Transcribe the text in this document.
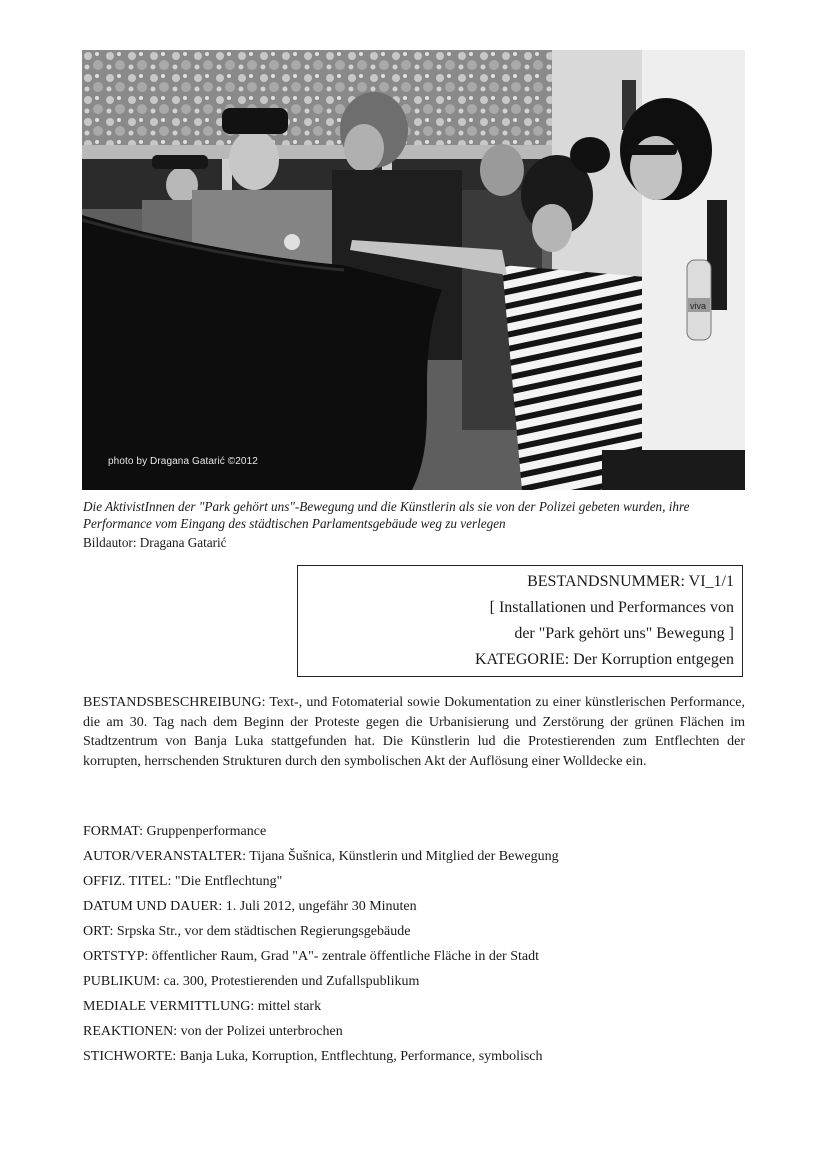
viva
photo by Dragana Gatarić ©2012
Die AktivistInnen der "Park gehört uns"-Bewegung und die Künstlerin als sie von der Polizei gebeten wurden, ihre Performance vom Eingang des städtischen Parlamentsgebäude weg zu verlegen
Bildautor: Dragana Gatarić
BESTANDSNUMMER: VI_1/1
[ Installationen und Performances von
der "Park gehört uns" Bewegung ]
KATEGORIE: Der Korruption entgegen
BESTANDSBESCHREIBUNG: Text-, und Fotomaterial sowie Dokumentation zu einer künstlerischen Performance, die am 30. Tag nach dem Beginn der Proteste gegen die Urbanisierung und Zerstörung der grünen Flächen im Stadtzentrum von Banja Luka stattgefunden hat. Die Künstlerin lud die Protestierenden zum Entflechten der korrupten, herrschenden Strukturen durch den symbolischen Akt der Auflösung einer Wolldecke ein.
FORMAT: Gruppenperformance
AUTOR/VERANSTALTER: Tijana Šušnica, Künstlerin und Mitglied der Bewegung
OFFIZ. TITEL: "Die Entflechtung"
DATUM UND DAUER: 1. Juli 2012, ungefähr 30 Minuten
ORT: Srpska Str., vor dem städtischen Regierungsgebäude
ORTSTYP: öffentlicher Raum, Grad "A"- zentrale öffentliche Fläche in der Stadt
PUBLIKUM: ca. 300, Protestierenden und Zufallspublikum
MEDIALE VERMITTLUNG: mittel stark
REAKTIONEN: von der Polizei unterbrochen
STICHWORTE: Banja Luka, Korruption, Entflechtung, Performance, symbolisch
